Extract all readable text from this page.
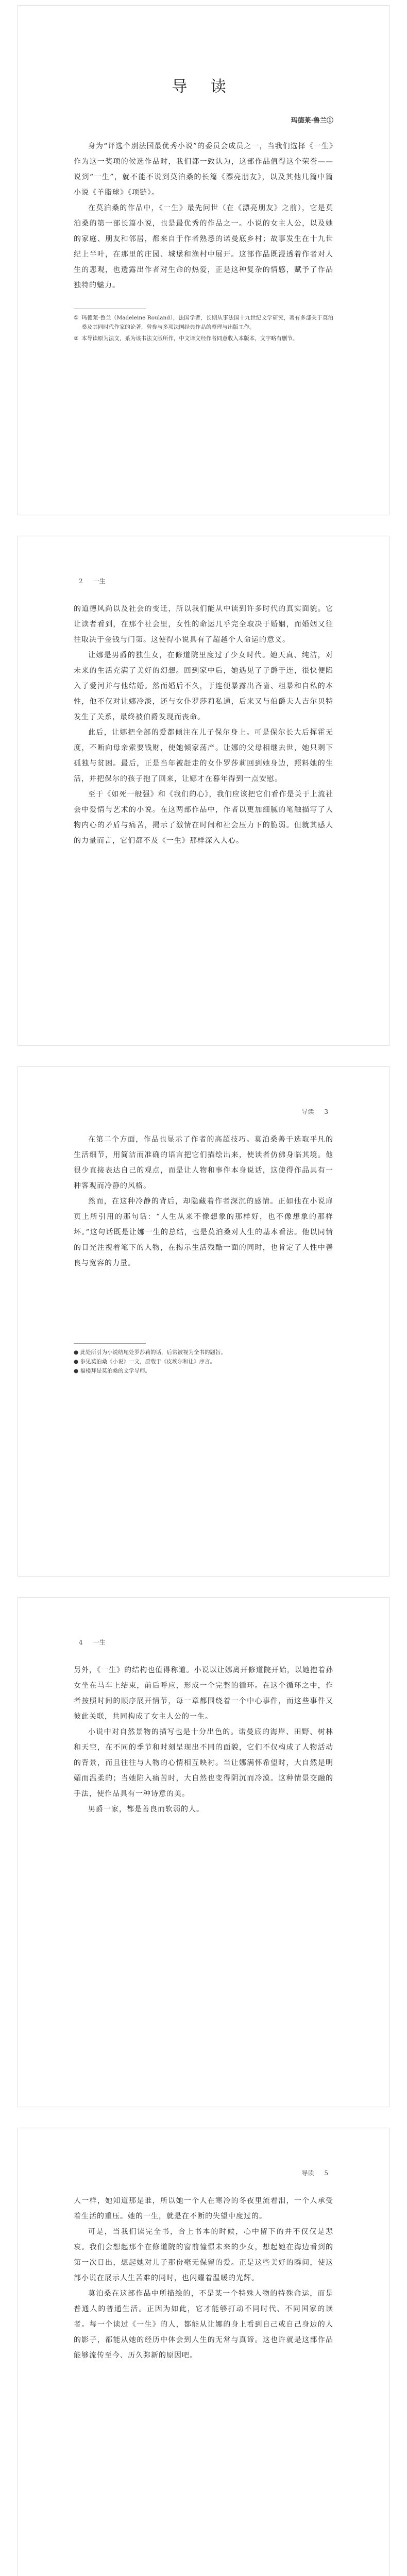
导 读
玛德莱·鲁兰①

身为“评选个别法国最优秀小说”的委员会成员之一，当我们选择《一生》作为这一奖项的候选作品时，我们都一致认为，这部作品值得这个荣誉——说到“一生”，就不能不说到莫泊桑的长篇《漂亮朋友》，以及其他几篇中篇小说《羊脂球》《项链》。

在莫泊桑的作品中，《一生》最先问世（在《漂亮朋友》之前），它是莫泊桑的第一部长篇小说，也是最优秀的作品之一。小说的女主人公，以及她的家庭、朋友和邻居，都来自于作者熟悉的诺曼底乡村；故事发生在十九世纪上半叶，在那里的庄园、城堡和渔村中展开。这部作品既浸透着作者对人生的悲观，也透露出作者对生命的热爱，正是这种复杂的情感，赋予了作品独特的魅力。

① 玛德莱·鲁兰（Madeleine Rouland），法国学者，长期从事法国十九世纪文学研究，著有多部关于莫泊桑及其同时代作家的论著，曾参与多项法国经典作品的整理与出版工作。

② 本导读原为法文，系为该书法文版所作，中文译文经作者同意收入本版本，文字略有删节。

2 一生

的道德风尚以及社会的变迁，所以我们能从中读到许多时代的真实面貌。它让读者看到，在那个社会里，女性的命运几乎完全取决于婚姻，而婚姻又往往取决于金钱与门第。这使得小说具有了超越个人命运的意义。

让娜是男爵的独生女，在修道院里度过了少女时代。她天真、纯洁，对未来的生活充满了美好的幻想。回到家中后，她遇见了子爵于连，很快便陷入了爱河并与他结婚。然而婚后不久，于连便暴露出吝啬、粗暴和自私的本性，他不仅对让娜冷淡，还与女仆罗莎莉私通，后来又与伯爵夫人吉尔贝特发生了关系，最终被伯爵发现而丧命。

此后，让娜把全部的爱都倾注在儿子保尔身上。可是保尔长大后挥霍无度，不断向母亲索要钱财，使她倾家荡产。让娜的父母相继去世，她只剩下孤独与贫困。最后，正是当年被赶走的女仆罗莎莉回到她身边，照料她的生活，并把保尔的孩子抱了回来，让娜才在暮年得到一点安慰。

至于《如死一般强》和《我们的心》，我们应该把它们看作是关于上流社会中爱情与艺术的小说。在这两部作品中，作者以更加细腻的笔触描写了人物内心的矛盾与痛苦，揭示了激情在时间和社会压力下的脆弱。但就其感人的力量而言，它们都不及《一生》那样深入人心。

导读 3

在第二个方面，作品也显示了作者的高超技巧。莫泊桑善于选取平凡的生活细节，用简洁而准确的语言把它们描绘出来，使读者仿佛身临其境。他很少直接表达自己的观点，而是让人物和事件本身说话，这使得作品具有一种客观而冷静的风格。

然而，在这种冷静的背后，却隐藏着作者深沉的感情。正如他在小说扉页上所引用的那句话：“人生从来不像想象的那样好，也不像想象的那样坏。”这句话既是让娜一生的总结，也是莫泊桑对人生的基本看法。他以同情的目光注视着笔下的人物，在揭示生活残酷一面的同时，也肯定了人性中善良与宽容的力量。

● 此处所引为小说结尾处罗莎莉的话，后常被视为全书的题旨。

● 参见莫泊桑《小说》一文，原载于《皮埃尔和让》序言。

● 福楼拜是莫泊桑的文学导师。

4 一生

另外，《一生》的结构也值得称道。小说以让娜离开修道院开始，以她抱着孙女坐在马车上结束，前后呼应，形成一个完整的循环。在这个循环之中，作者按照时间的顺序展开情节，每一章都围绕着一个中心事件，而这些事件又彼此关联，共同构成了女主人公的一生。

小说中对自然景物的描写也是十分出色的。诺曼底的海岸、田野、树林和天空，在不同的季节和时刻呈现出不同的面貌，它们不仅构成了人物活动的背景，而且往往与人物的心情相互映衬。当让娜满怀希望时，大自然是明媚而温柔的；当她陷入痛苦时，大自然也变得阴沉而冷漠。这种情景交融的手法，使作品具有一种诗意的美。

男爵一家，都是善良而软弱的人。

导读 5

人一样，她知道那是谁，所以她一个人在寒冷的冬夜里流着泪，一个人承受着生活的重压。她的一生，就是在不断的失望中度过的。

可是，当我们读完全书，合上书本的时候，心中留下的并不仅仅是悲哀。我们会想起那个在修道院的窗前憧憬未来的少女，想起她在海边看到的第一次日出，想起她对儿子那份毫无保留的爱。正是这些美好的瞬间，使这部小说在展示人生苦难的同时，也闪耀着温暖的光辉。

莫泊桑在这部作品中所描绘的，不是某一个特殊人物的特殊命运，而是普通人的普通生活。正因为如此，它才能够打动不同时代、不同国家的读者。每一个读过《一生》的人，都能从让娜的身上看到自己或自己身边的人的影子，都能从她的经历中体会到人生的无常与真谛。这也许就是这部作品能够流传至今、历久弥新的原因吧。
